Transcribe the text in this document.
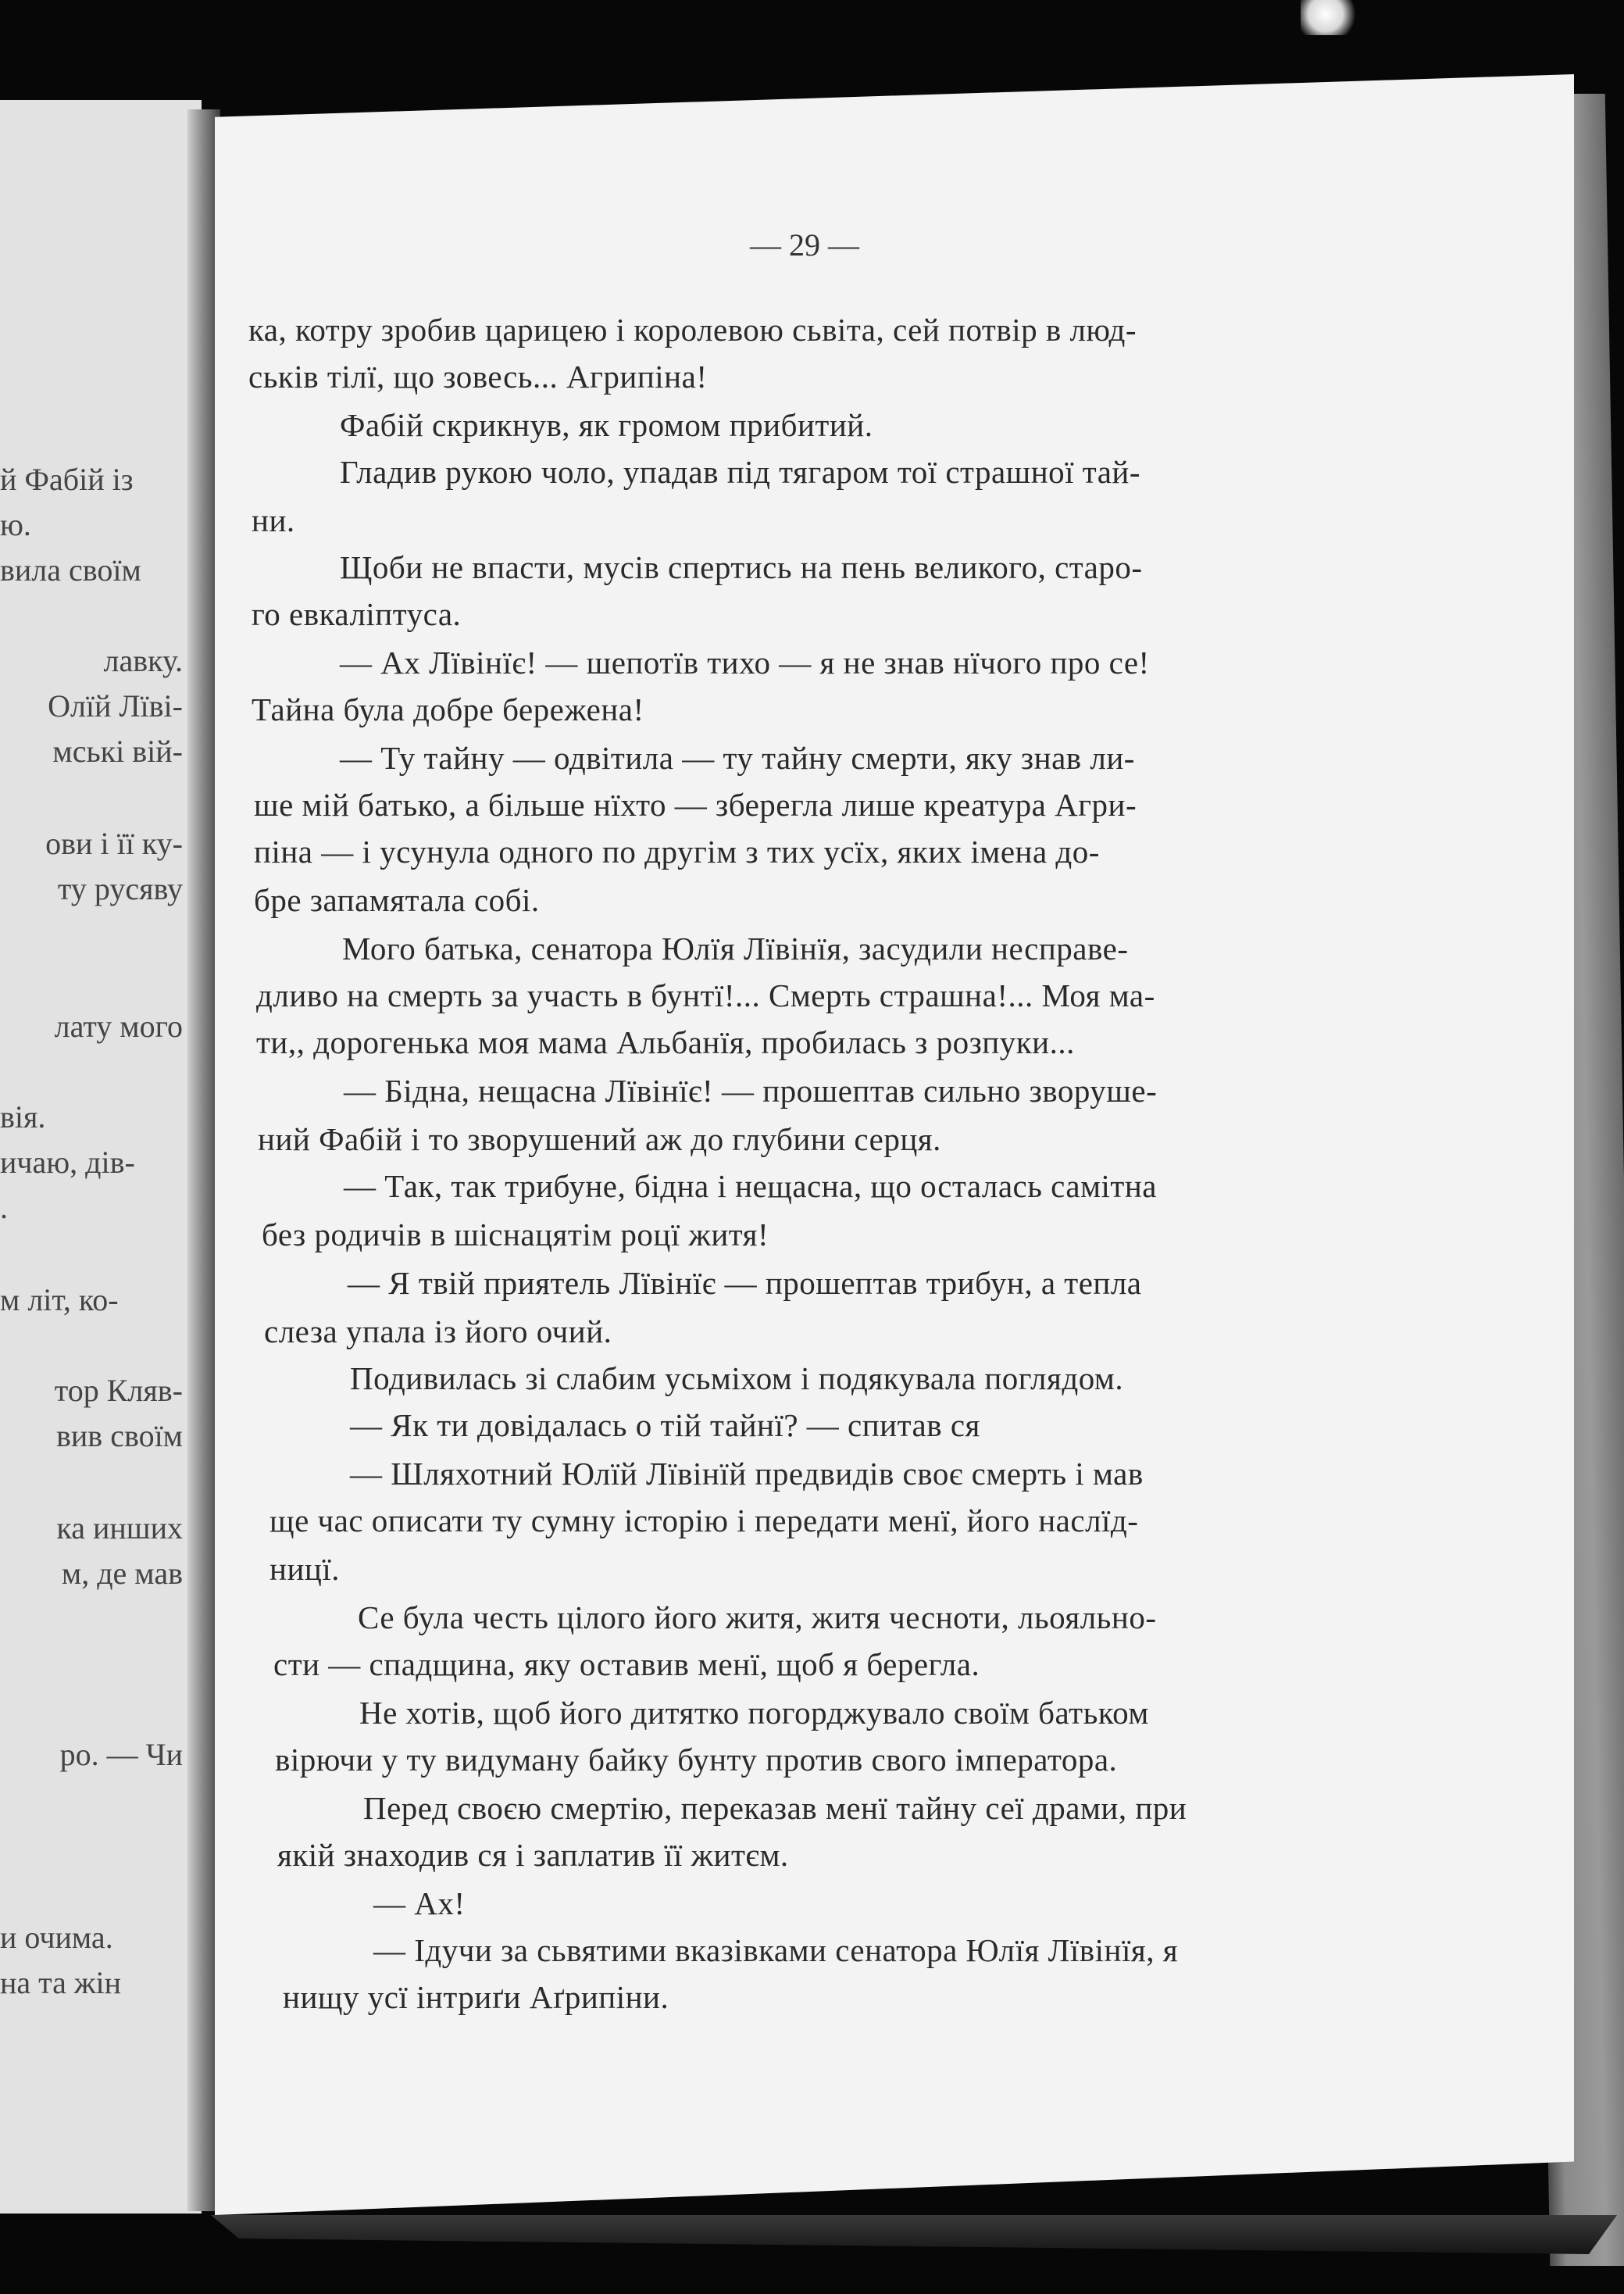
й Фабій із
ю.
вила своїм
лавку.
Олїй Лїві-
мські вій-
ови і її ку-
ту русяву
лату мого
вія.
ичаю, дів-
.
м літ, ко-
тор Кляв-
вив своїм
ка инших
м, де мав
ро. — Чи
и очима.
на та жін
— 29 —
ка, котру зробив царицею і королевою сьвіта, сей потвір в люд-
ськів тілї, що зовесь... Агрипіна!
Фабій скрикнув, як громом прибитий.
Гладив рукою чоло, упадав під тягаром тої страшної тай-
ни.
Щоби не впасти, мусів спертись на пень великого, старо-
го евкаліптуса.
— Ах Лївінїє! — шепотїв тихо — я не знав нїчого про се!
Тайна була добре бережена!
— Ту тайну — одвітила — ту тайну смерти, яку знав ли-
ше мій батько, а більше нїхто — зберегла лише креатура Агри-
піна — і усунула одного по другім з тих усїх, яких імена до-
бре запамятала собі.
Мого батька, сенатора Юлїя Лївінїя, засудили несправе-
дливо на смерть за участь в бунтї!... Смерть страшна!... Моя ма-
ти,, дорогенька моя мама Альбанїя, пробилась з розпуки...
— Бідна, нещасна Лївінїє! — прошептав сильно зворуше-
ний Фабій і то зворушений аж до глубини серця.
— Так, так трибуне, бідна і нещасна, що осталась самітна
без родичів в шіснацятім роцї житя!
— Я твій приятель Лївінїє — прошептав трибун, а тепла
слеза упала із його очий.
Подивилась зі слабим усьміхом і подякувала поглядом.
— Як ти довідалась о тій тайнї? — спитав ся
— Шляхотний Юлїй Лївінїй предвидів своє смерть і мав
ще час описати ту сумну історію і передати менї, його наслїд-
ницї.
Се була честь цілого його житя, житя чесноти, льояльно-
сти — спадщина, яку оставив менї, щоб я берегла.
Не хотів, щоб його дитятко погорджувало своїм батьком
вірючи у ту видуману байку бунту против свого імператора.
Перед своєю смертію, переказав менї тайну сеї драми, при
якій знаходив ся і заплатив її житєм.
— Ах!
— Ідучи за сьвятими вказівками сенатора Юлїя Лївінїя, я
нищу усї інтриґи Аґрипіни.
